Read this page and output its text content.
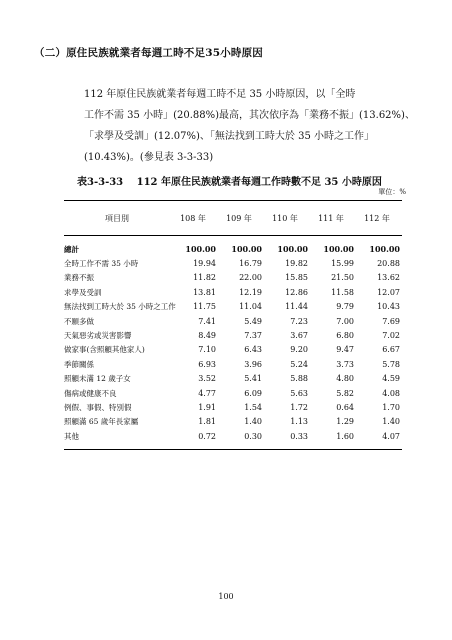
（二）原住民族就業者每週工時不足35小時原因
112 年原住民族就業者每週工時不足 35 小時原因，以「全時
工作不需 35 小時」(20.88%)最高，其次依序為「業務不振」(13.62%)、
「求學及受訓」(12.07%)、「無法找到工時大於 35 小時之工作」
(10.43%)。(參見表 3-3-33)
表3-3-33　 112 年原住民族就業者每週工作時數不足 35 小時原因
單位：%
項目別	108 年	109 年	110 年	111 年	112 年
總計	100.00	100.00	100.00	100.00	100.00
全時工作不需 35 小時	19.94	16.79	19.82	15.99	20.88
業務不振	11.82	22.00	15.85	21.50	13.62
求學及受訓	13.81	12.19	12.86	11.58	12.07
無法找到工時大於 35 小時之工作	11.75	11.04	11.44	9.79	10.43
不願多做	7.41	5.49	7.23	7.00	7.69
天氣惡劣或災害影響	8.49	7.37	3.67	6.80	7.02
做家事(含照顧其他家人)	7.10	6.43	9.20	9.47	6.67
季節關係	6.93	3.96	5.24	3.73	5.78
照顧未滿 12 歲子女	3.52	5.41	5.88	4.80	4.59
傷病或健康不良	4.77	6.09	5.63	5.82	4.08
例假、事假、特別假	1.91	1.54	1.72	0.64	1.70
照顧滿 65 歲年長家屬	1.81	1.40	1.13	1.29	1.40
其他	0.72	0.30	0.33	1.60	4.07
100
